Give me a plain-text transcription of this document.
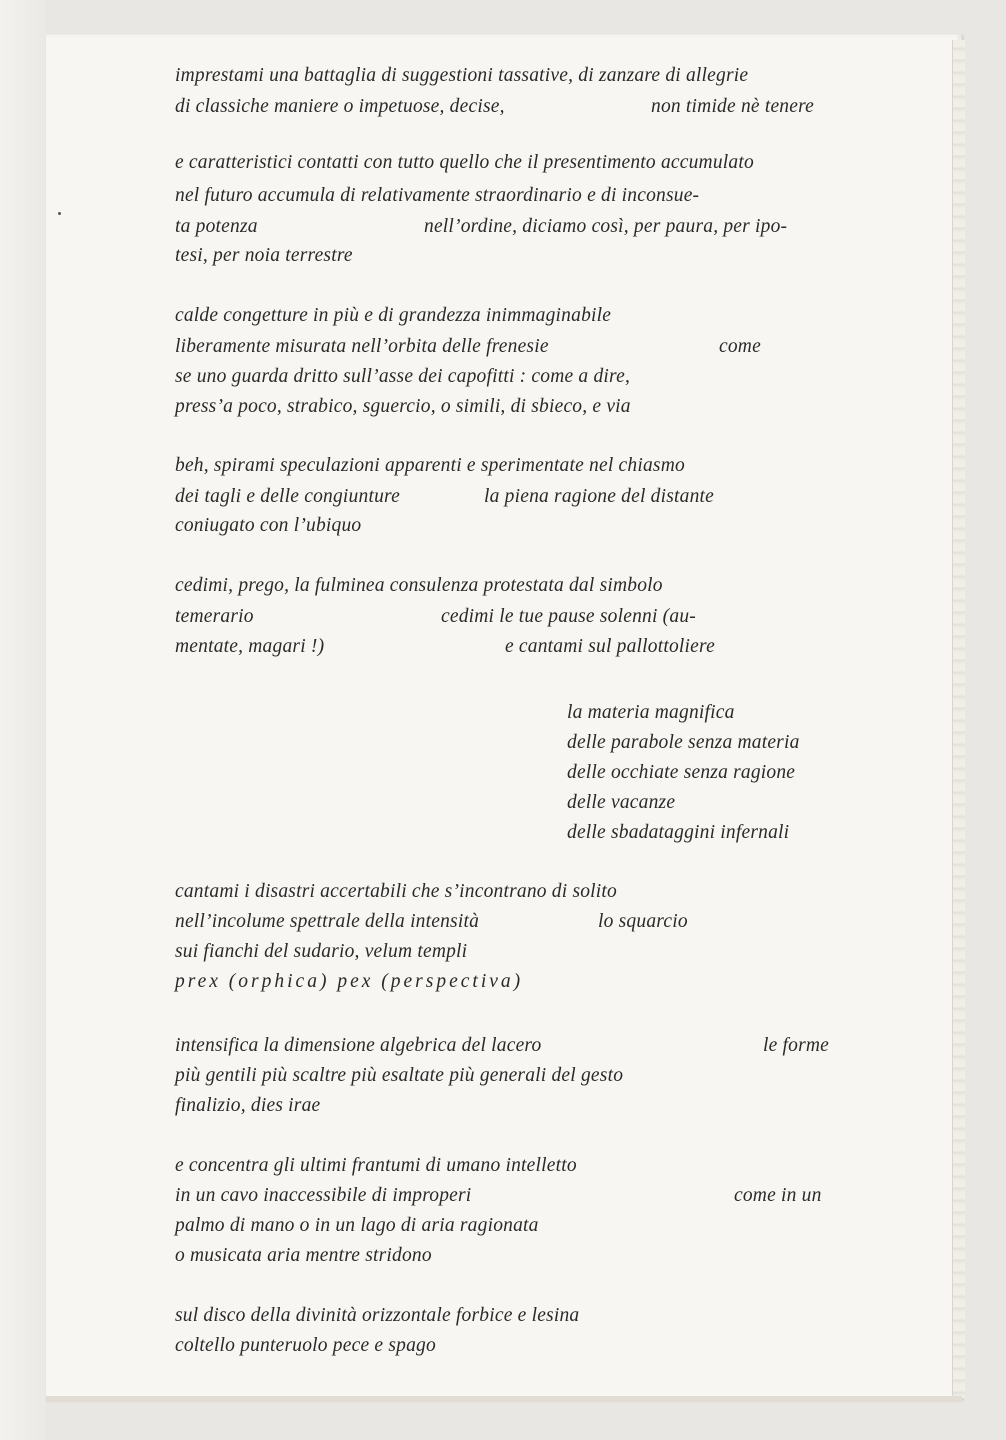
imprestami una battaglia di suggestioni tassative, di zanzare di allegrie

di classiche maniere o impetuose, decise,	non timide nè tenere

e caratteristici contatti con tutto quello che il presentimento accumulato

nel futuro accumula di relativamente straordinario e di inconsue-

ta potenza	nell’ordine, diciamo così, per paura, per ipo-

tesi, per noia terrestre

calde congetture in più e di grandezza inimmaginabile

liberamente misurata nell’orbita delle frenesie	come

se uno guarda dritto sull’asse dei capofitti : come a dire,

press’a poco, strabico, sguercio, o simili, di sbieco, e via

beh, spirami speculazioni apparenti e sperimentate nel chiasmo

dei tagli e delle congiunture	la piena ragione del distante

coniugato con l’ubiquo

cedimi, prego, la fulminea consulenza protestata dal simbolo

temerario	cedimi le tue pause solenni (au-

mentate, magari !)	e cantami sul pallottoliere

la materia magnifica

delle parabole senza materia

delle occhiate senza ragione

delle vacanze

delle sbadataggini infernali

cantami i disastri accertabili che s’incontrano di solito

nell’incolume spettrale della intensità	lo squarcio

sui fianchi del sudario, velum templi

prex (orphica) pex (perspectiva)

intensifica la dimensione algebrica del lacero	le forme

più gentili più scaltre più esaltate più generali del gesto

finalizio, dies irae

e concentra gli ultimi frantumi di umano intelletto

in un cavo inaccessibile di improperi	come in un

palmo di mano o in un lago di aria ragionata

o musicata aria mentre stridono

sul disco della divinità orizzontale forbice e lesina

coltello punteruolo pece e spago
